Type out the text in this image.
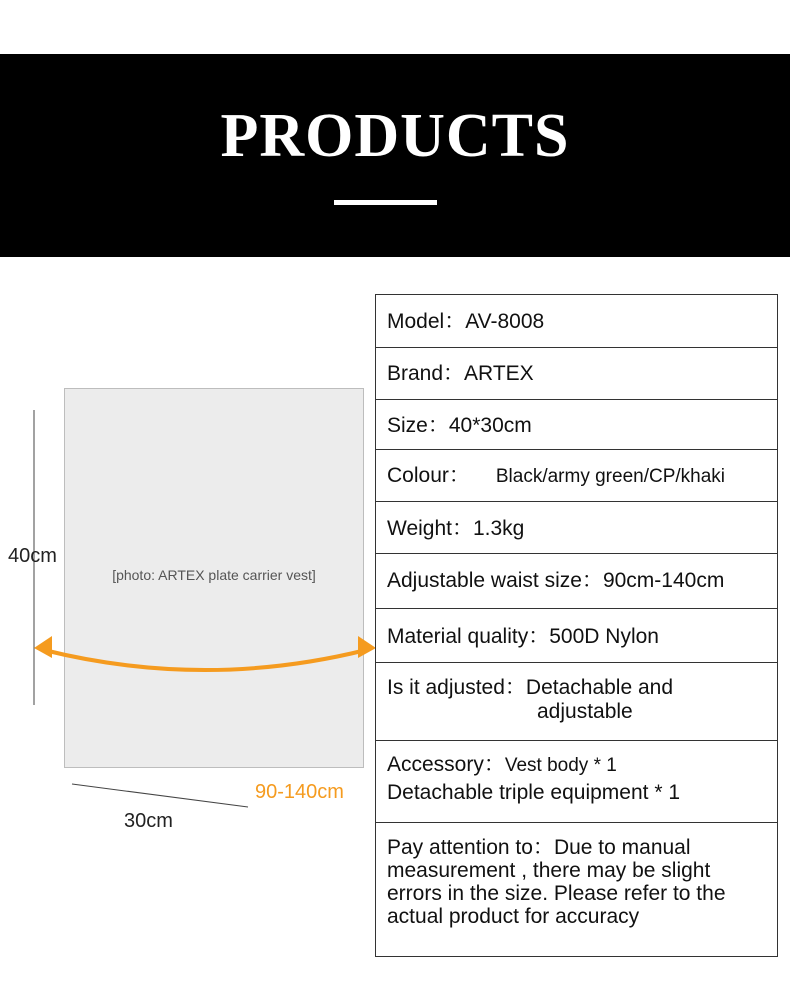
PRODUCTS
[photo: ARTEX plate carrier vest]
40cm
30cm
90-140cm
Model：AV-8008
Brand：ARTEX
Size：40*30cm
Colour： Black/army green/CP/khaki
Weight：1.3kg
Adjustable waist size：90cm-140cm
Material quality：500D Nylon
Is it adjusted：Detachable and
adjustable
Accessory：Vest body * 1
Detachable triple equipment * 1
Pay attention to：Due to manual measurement , there may be slight errors in the size. Please refer to the actual product for accuracy
